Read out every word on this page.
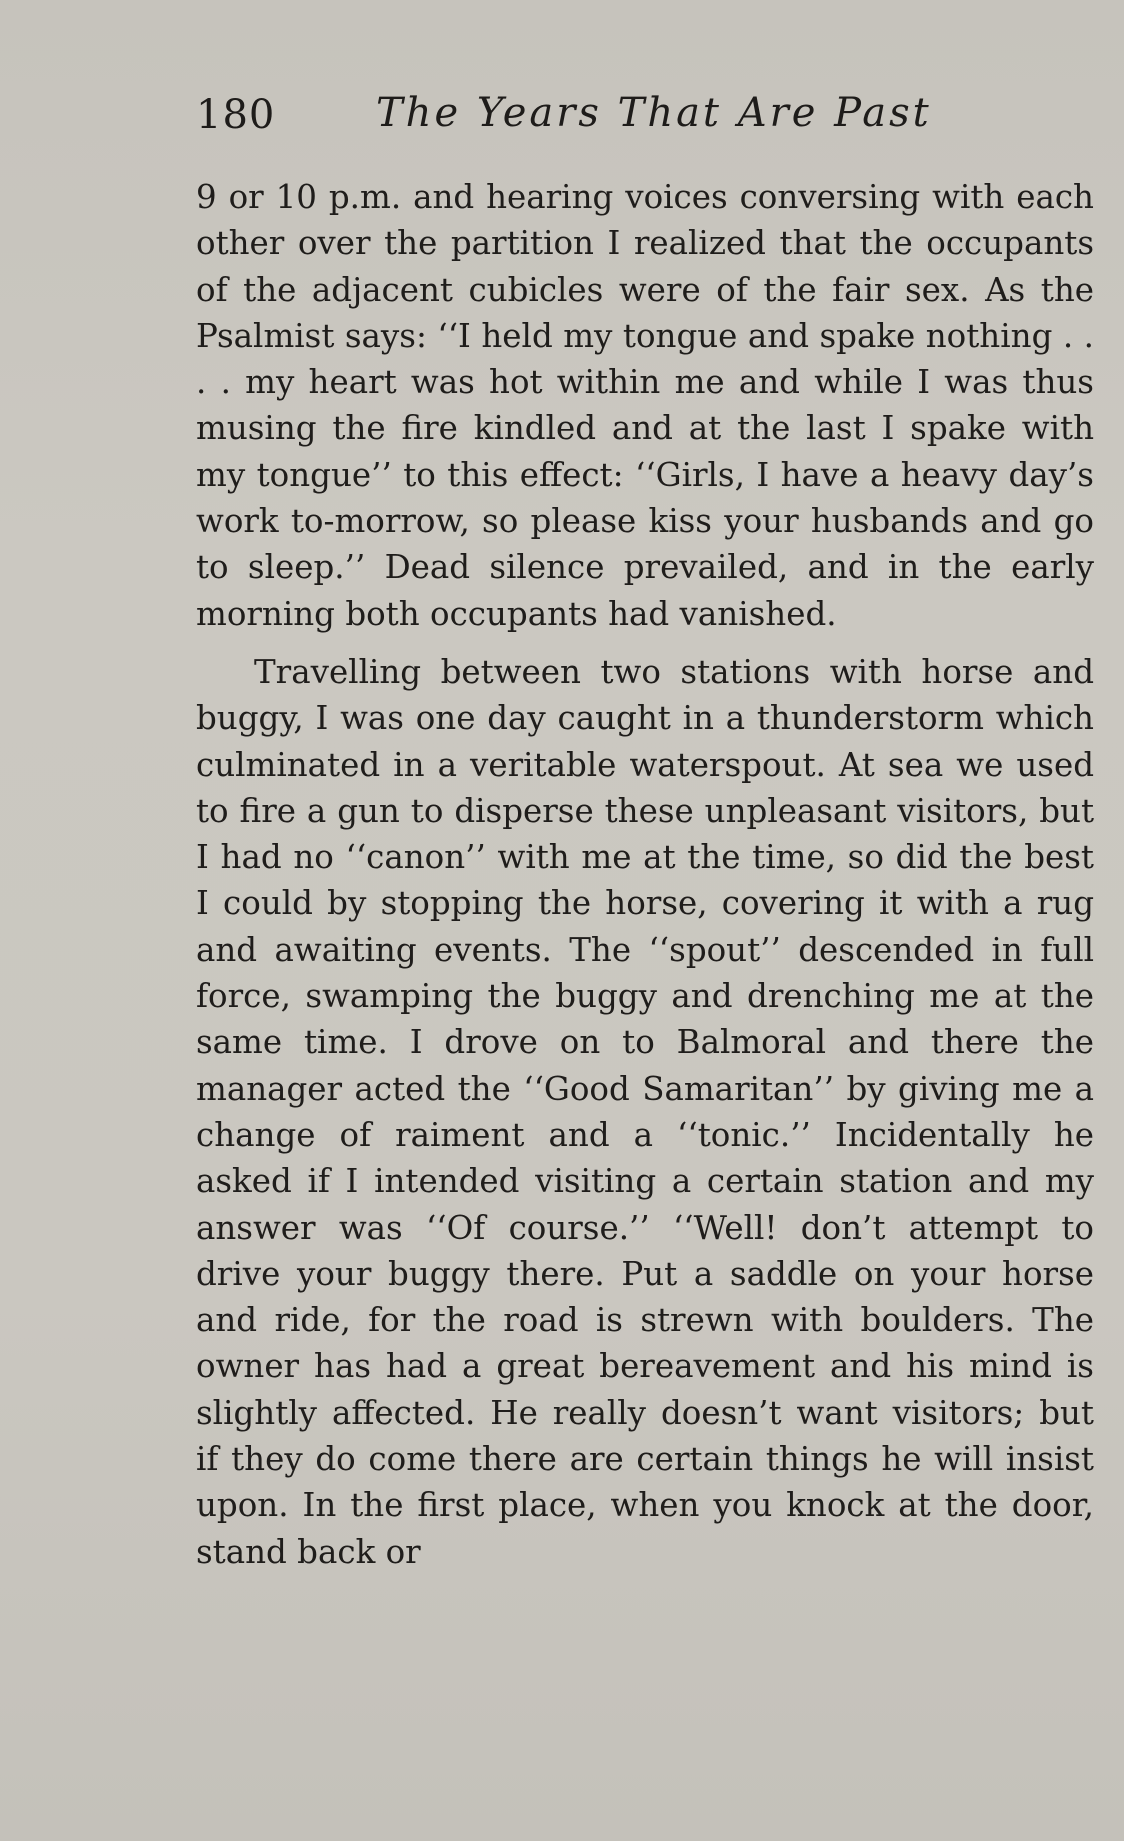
180	The Years That Are Past

9 or 10 p.m. and hearing voices conversing with each other over the partition I realized that the occupants of the adjacent cubicles were of the fair sex. As the Psalmist says: ‘‘I held my tongue and spake nothing . . . . my heart was hot within me and while I was thus musing the fire kindled and at the last I spake with my tongue’’ to this effect: ‘‘Girls, I have a heavy day’s work to-morrow, so please kiss your husbands and go to sleep.’’ Dead silence prevailed, and in the early morning both occupants had vanished.

Travelling between two stations with horse and buggy, I was one day caught in a thunderstorm which culminated in a veritable waterspout. At sea we used to fire a gun to disperse these unpleasant visitors, but I had no ‘‘canon’’ with me at the time, so did the best I could by stopping the horse, covering it with a rug and awaiting events. The ‘‘spout’’ descended in full force, swamping the buggy and drenching me at the same time. I drove on to Balmoral and there the manager acted the ‘‘Good Samaritan’’ by giving me a change of raiment and a ‘‘tonic.’’ Incidentally he asked if I intended visiting a certain station and my answer was ‘‘Of course.’’ ‘‘Well! don’t attempt to drive your buggy there. Put a saddle on your horse and ride, for the road is strewn with boulders. The owner has had a great bereavement and his mind is slightly affected. He really doesn’t want visitors; but if they do come there are certain things he will insist upon. In the first place, when you knock at the door, stand back or
